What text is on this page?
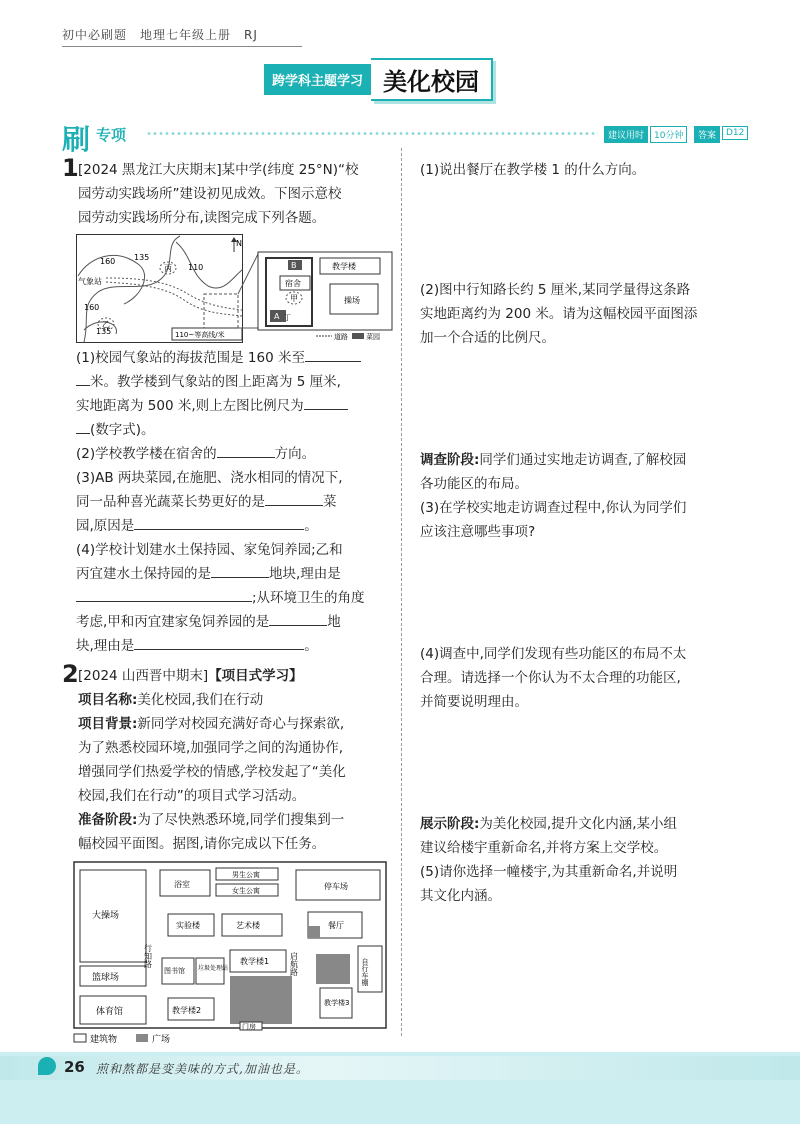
初中必刷题　地理七年级上册　RJ
跨学科主题学习 美化校园
刷 专项	建议用时	10分钟	答案	D12
1 [2024 黑龙江大庆期末]某中学(纬度 25°N)“校

园劳动实践场所”建设初见成效。下图示意校

园劳动实践场所分布,读图完成下列各题。

N
160 135
110
160
135
丙
乙
气象站
110~等高线/米
B	教学楼
宿舍
甲	操场
A 丁
道路	菜园

(1)校园气象站的海拔范围是 160 米至

米。教学楼到气象站的图上距离为 5 厘米,

实地距离为 500 米,则上左图比例尺为

(数字式)。

(2)学校教学楼在宿舍的	方向。

(3)AB 两块菜园,在施肥、浇水相同的情况下,

同一品种喜光蔬菜长势更好的是	菜

园,原因是	。

(4)学校计划建水土保持园、家兔饲养园;乙和

丙宜建水土保持园的是	地块,理由是

;从环境卫生的角度

考虑,甲和丙宜建家兔饲养园的是	地

块,理由是	。

2 [2024 山西晋中期末]【项目式学习】

项目名称:美化校园,我们在行动

项目背景:新同学对校园充满好奇心与探索欲,

为了熟悉校园环境,加强同学之间的沟通协作,

增强同学们热爱学校的情感,学校发起了“美化

校园,我们在行动”的项目式学习活动。

准备阶段:为了尽快熟悉环境,同学们搜集到一

幅校园平面图。据图,请你完成以下任务。

大操场
篮球场
体育馆
浴室
男生公寓
女生公寓	停车场
实验楼	艺术楼	餐厅
行知路	启航路
图书馆 垃圾处理站
教学楼1	自行车棚
教学楼2
教学楼3
门房
建筑物	广场
(1)说出餐厅在教学楼 1 的什么方向。

(2)图中行知路长约 5 厘米,某同学量得这条路

实地距离约为 200 米。请为这幅校园平面图添

加一个合适的比例尺。

调查阶段:同学们通过实地走访调查,了解校园

各功能区的布局。

(3)在学校实地走访调查过程中,你认为同学们

应该注意哪些事项?

(4)调查中,同学们发现有些功能区的布局不太

合理。请选择一个你认为不太合理的功能区,

并简要说明理由。

展示阶段:为美化校园,提升文化内涵,某小组

建议给楼宇重新命名,并将方案上交学校。

(5)请你选择一幢楼宇,为其重新命名,并说明

其文化内涵。

26 煎和熬都是变美味的方式,加油也是。
